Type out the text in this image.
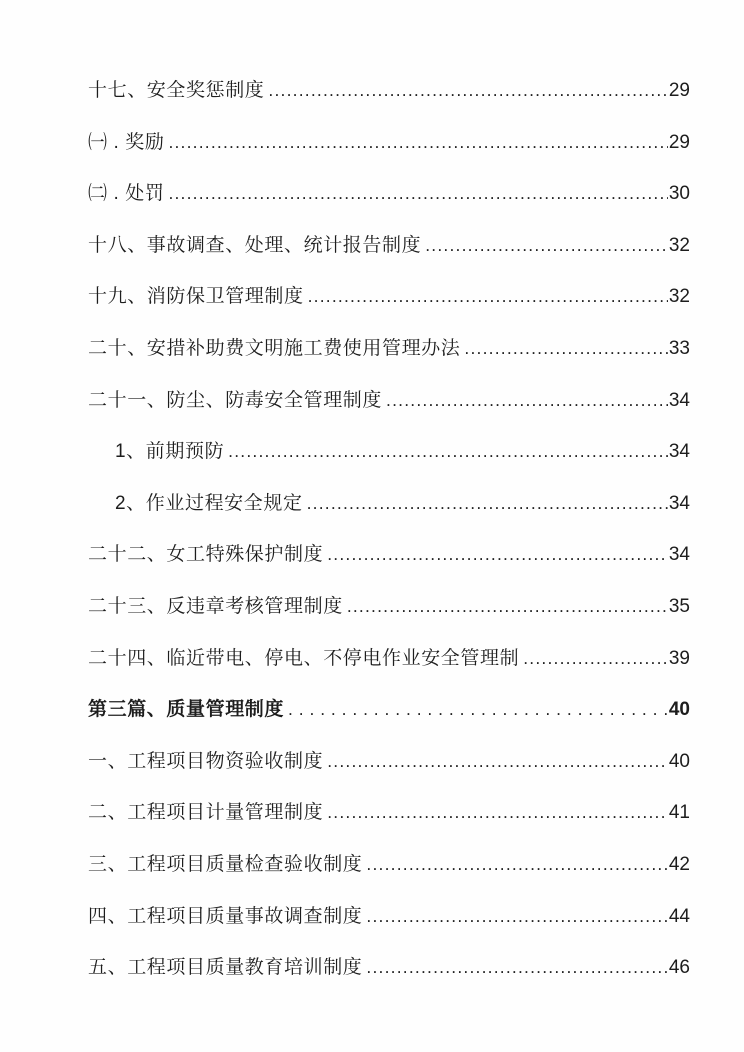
十七、安全奖惩制度 .....	29
㈠ . 奖励 .....	29
㈡ . 处罚 .....	30
十八、事故调查、处理、统计报告制度 .....	32
十九、消防保卫管理制度 .....	32
二十、安措补助费文明施工费使用管理办法 .....	33
二十一、防尘、防毒安全管理制度 .....	34
1、前期预防 .....	34
2、作业过程安全规定 .....	34
二十二、女工特殊保护制度 .....	34
二十三、反违章考核管理制度 .....	35
二十四、临近带电、停电、不停电作业安全管理制 .....	39
第三篇、质量管理制度 . . .	40
一、工程项目物资验收制度 .....	40
二、工程项目计量管理制度 .....	41
三、工程项目质量检查验收制度 .....	42
四、工程项目质量事故调查制度 .....	44
五、工程项目质量教育培训制度 .....	46
